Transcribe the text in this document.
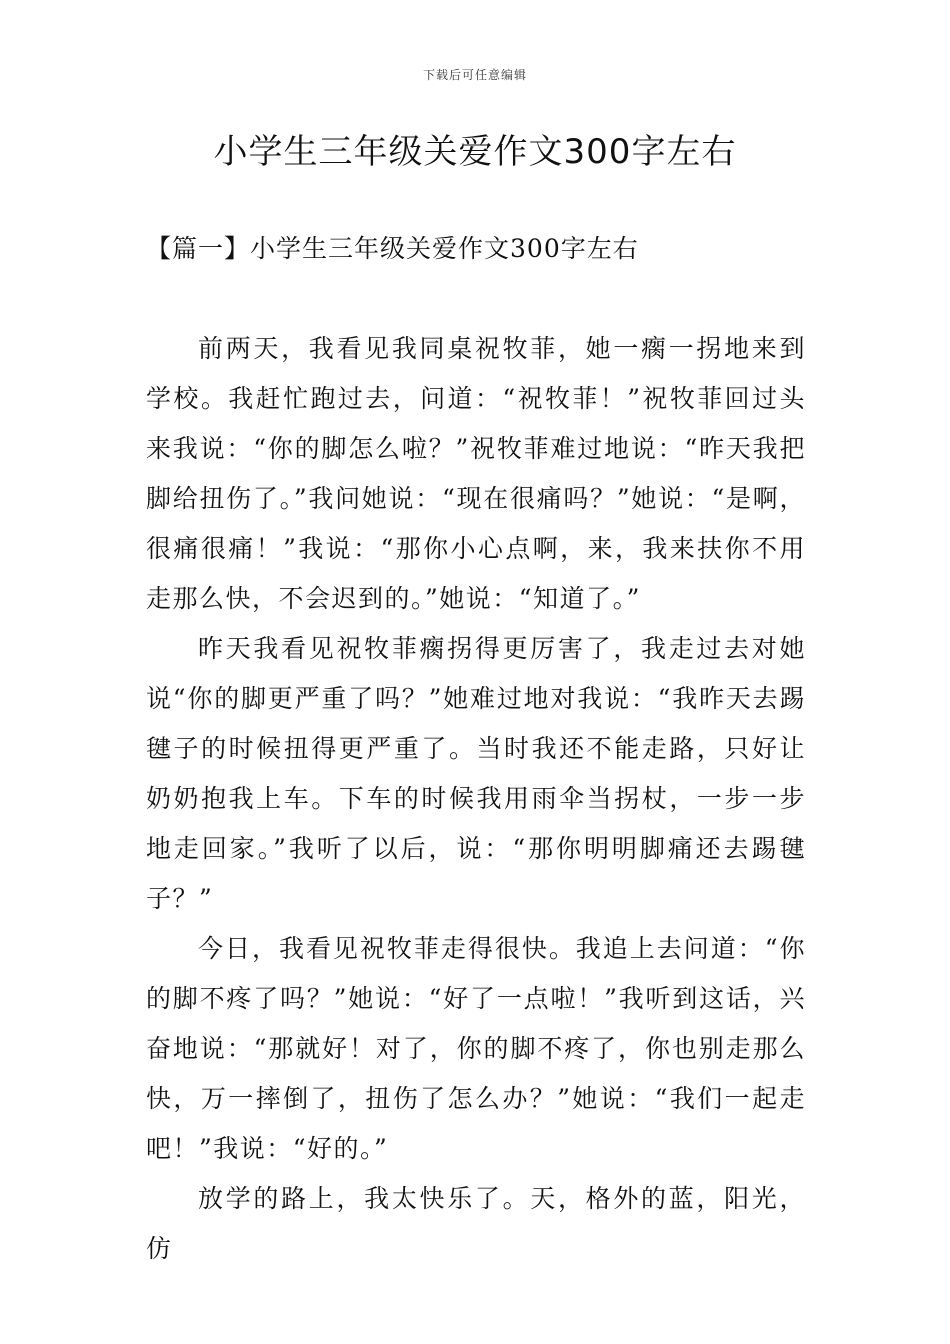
下载后可任意编辑
小学生三年级关爱作文300字左右
【篇一】小学生三年级关爱作文300字左右

前两天，我看见我同桌祝牧菲，她一瘸一拐地来到学校。我赶忙跑过去，问道：“祝牧菲！”祝牧菲回过头来我说：“你的脚怎么啦？”祝牧菲难过地说：“昨天我把脚给扭伤了。”我问她说：“现在很痛吗？”她说：“是啊，很痛很痛！”我说：“那你小心点啊，来，我来扶你不用走那么快，不会迟到的。”她说：“知道了。”

昨天我看见祝牧菲瘸拐得更厉害了，我走过去对她说“你的脚更严重了吗？”她难过地对我说：“我昨天去踢毽子的时候扭得更严重了。当时我还不能走路，只好让奶奶抱我上车。下车的时候我用雨伞当拐杖，一步一步地走回家。”我听了以后，说：“那你明明脚痛还去踢毽子？”

今日，我看见祝牧菲走得很快。我追上去问道：“你的脚不疼了吗？”她说：“好了一点啦！”我听到这话，兴奋地说：“那就好！对了，你的脚不疼了，你也别走那么快，万一摔倒了，扭伤了怎么办？”她说：“我们一起走吧！”我说：“好的。”

放学的路上，我太快乐了。天，格外的蓝，阳光，仿
